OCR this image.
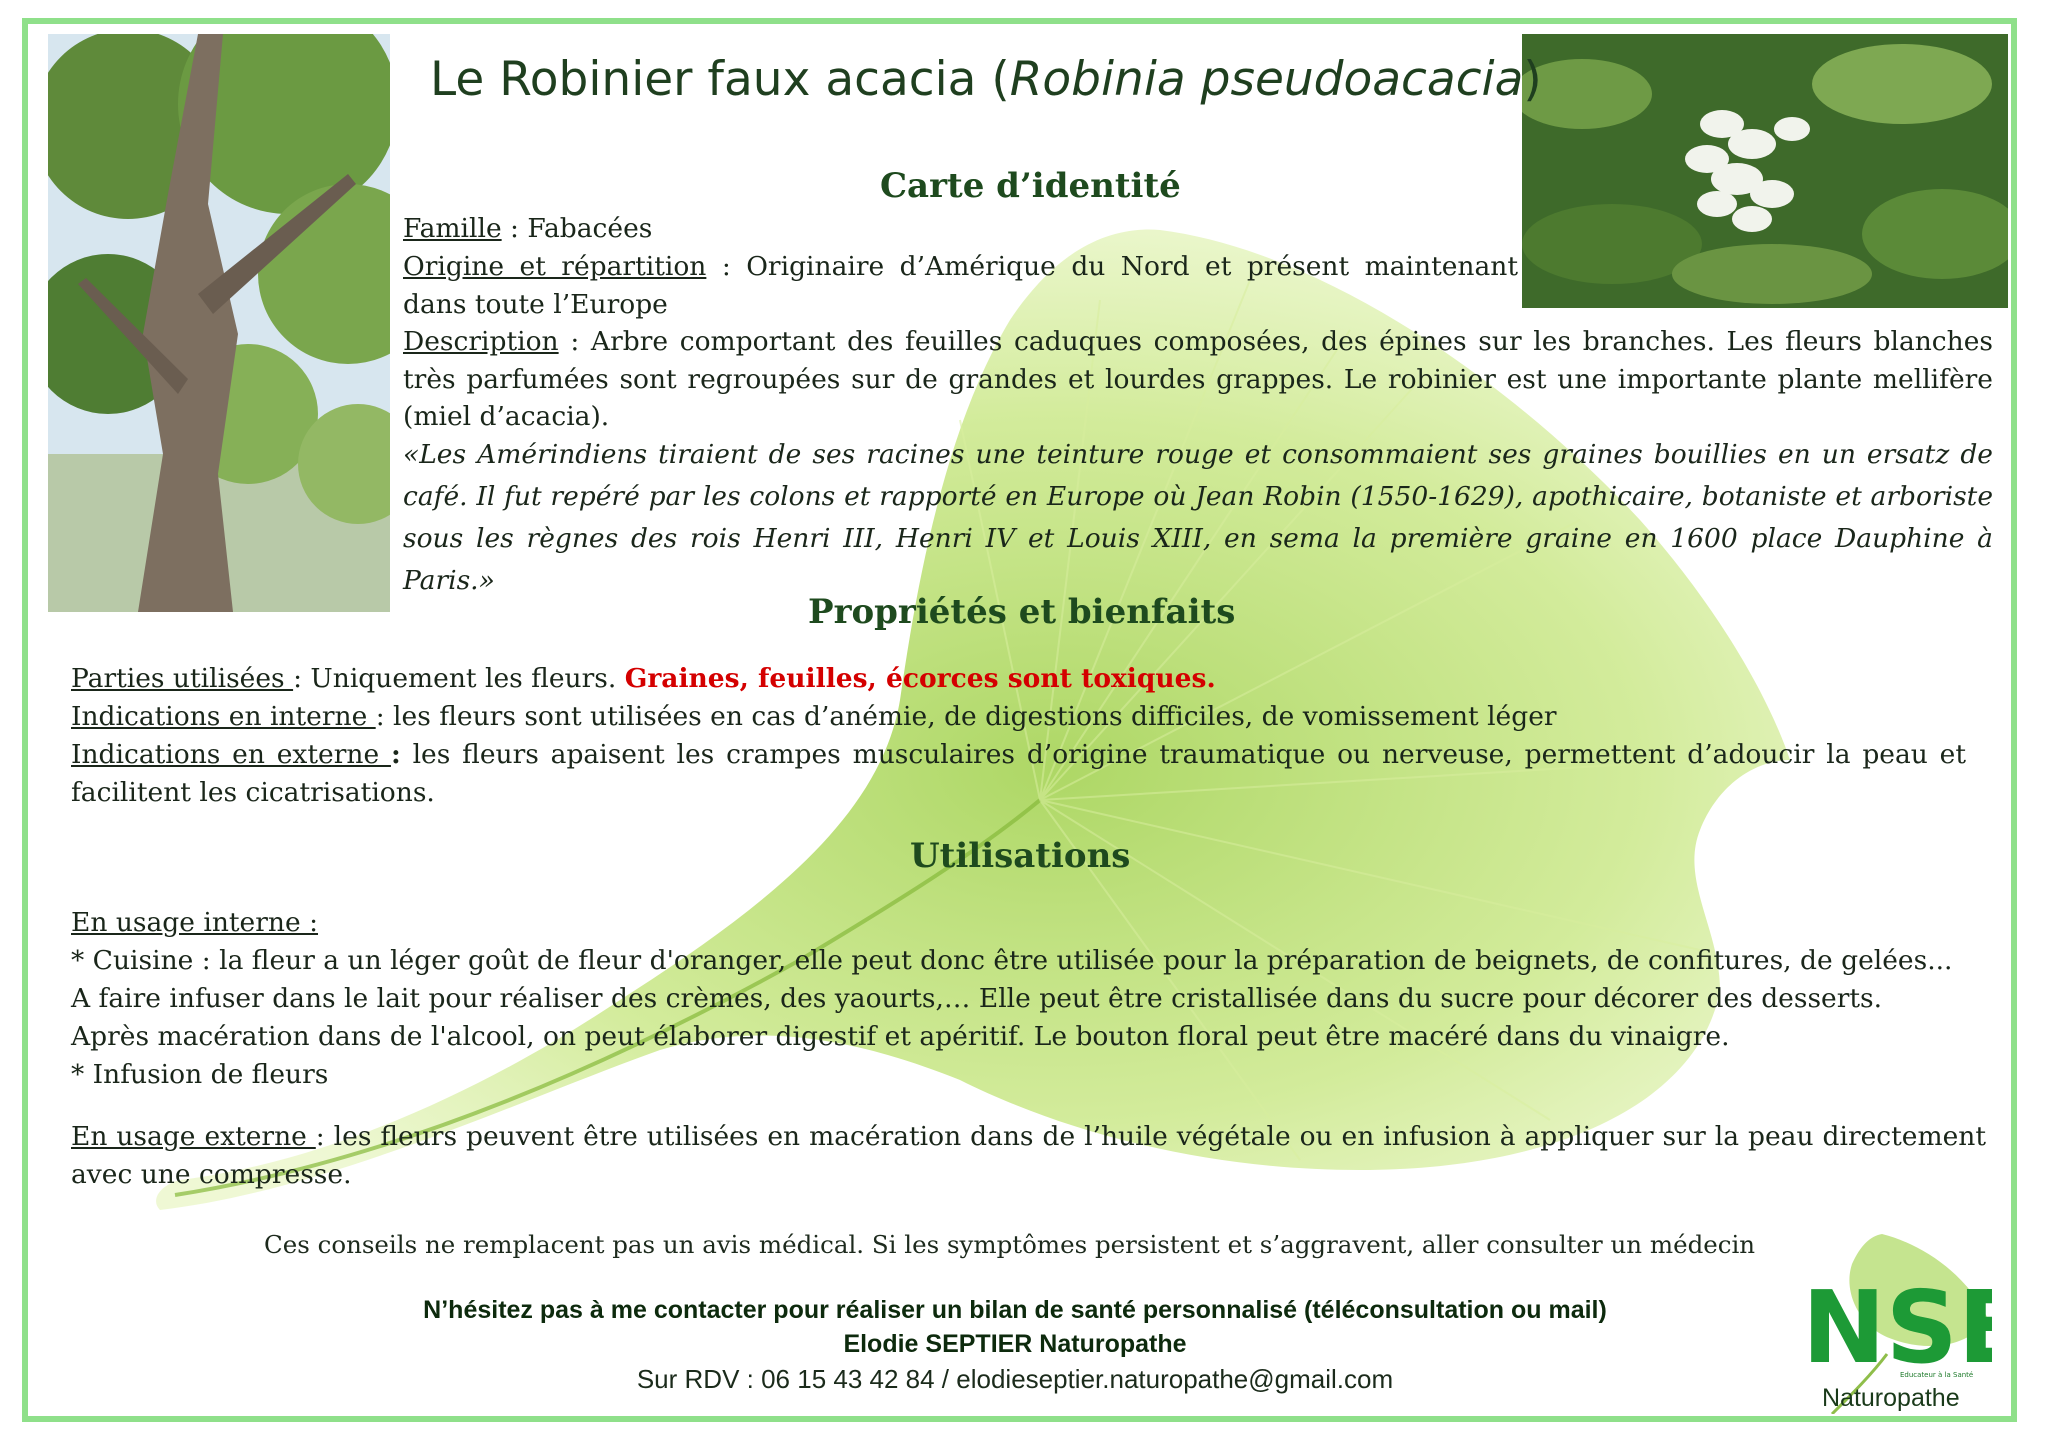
Le Robinier faux acacia (Robinia pseudoacacia)
Carte d’identité
Famille : Fabacées
Origine et répartition : Originaire d’Amérique du Nord et présent maintenant dans toute l’Europe
Description : Arbre comportant des feuilles caduques composées, des épines sur les branches. Les fleurs blanches très parfumées sont regroupées sur de grandes et lourdes grappes. Le robinier est une importante plante mellifère (miel d’acacia).
«Les Amérindiens tiraient de ses racines une teinture rouge et consommaient ses graines bouillies en un ersatz de café. Il fut repéré par les colons et rapporté en Europe où Jean Robin (1550-1629), apothicaire, botaniste et arboriste sous les règnes des rois Henri III, Henri IV et Louis XIII, en sema la première graine en 1600 place Dauphine à Paris.»
Propriétés et bienfaits
Parties utilisées : Uniquement les fleurs. Graines, feuilles, écorces sont toxiques.
Indications en interne : les fleurs sont utilisées en cas d’anémie, de digestions difficiles, de vomissement léger
Indications en externe : les fleurs apaisent les crampes musculaires d’origine traumatique ou nerveuse, permettent d’adoucir la peau et facilitent les cicatrisations.
Utilisations
En usage interne :
* Cuisine : la fleur a un léger goût de fleur d'oranger, elle peut donc être utilisée pour la préparation de beignets, de confitures, de gelées...
A faire infuser dans le lait pour réaliser des crèmes, des yaourts,… Elle peut être cristallisée dans du sucre pour décorer des desserts.
Après macération dans de l'alcool, on peut élaborer digestif et apéritif. Le bouton floral peut être macéré dans du vinaigre.
* Infusion de fleurs
En usage externe : les fleurs peuvent être utilisées en macération dans de l’huile végétale ou en infusion à appliquer sur la peau directement avec une compresse.
Ces conseils ne remplacent pas un avis médical. Si les symptômes persistent et s’aggravent, aller consulter un médecin
N’hésitez pas à me contacter pour réaliser un bilan de santé personnalisé (téléconsultation ou mail)
Elodie SEPTIER Naturopathe
Sur RDV : 06 15 43 42 84 / elodieseptier.naturopathe@gmail.com	NSE
Educateur à la Santé
Naturopathe
